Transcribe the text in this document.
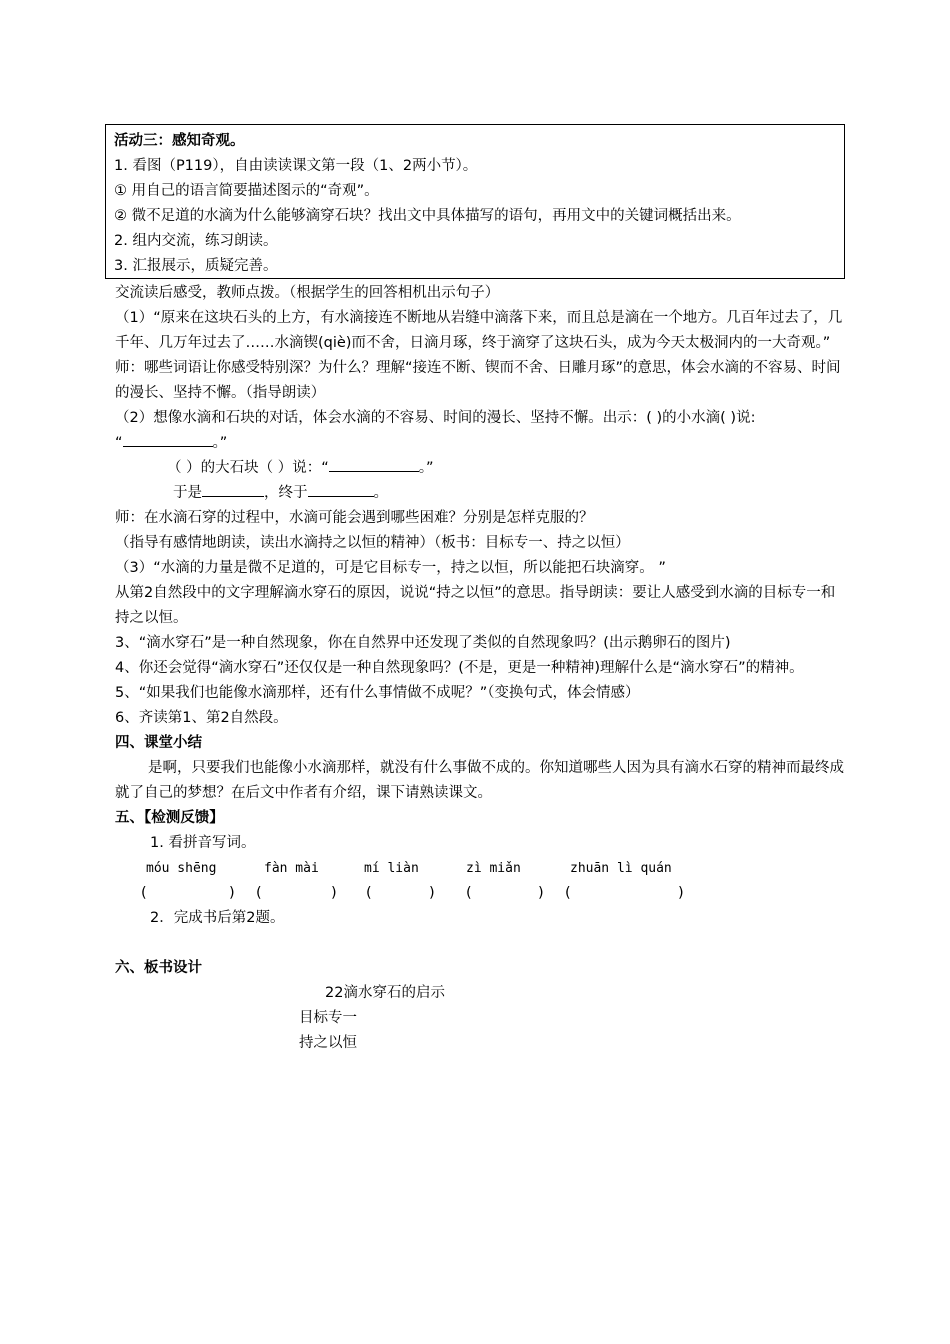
活动三：感知奇观。
1. 看图（P119），自由读读课文第一段（1、2两小节）。
① 用自己的语言简要描述图示的“奇观”。
② 微不足道的水滴为什么能够滴穿石块？找出文中具体描写的语句，再用文中的关键词概括出来。
2. 组内交流，练习朗读。
3. 汇报展示，质疑完善。
交流读后感受，教师点拨。（根据学生的回答相机出示句子）
（1）“原来在这块石头的上方，有水滴接连不断地从岩缝中滴落下来，而且总是滴在一个地方。几百年过去了，几千年、几万年过去了……水滴锲(qiè)而不舍，日滴月琢，终于滴穿了这块石头，成为今天太极洞内的一大奇观。”
师：哪些词语让你感受特别深？为什么？理解“接连不断、锲而不舍、日雕月琢”的意思，体会水滴的不容易、时间的漫长、坚持不懈。（指导朗读）
（2）想像水滴和石块的对话，体会水滴的不容易、时间的漫长、坚持不懈。出示：( )的小水滴( )说:
“	。”
（ ）的大石块（ ）说：“	。”
于是	，终于	。
师：在水滴石穿的过程中，水滴可能会遇到哪些困难？分别是怎样克服的？
（指导有感情地朗读，读出水滴持之以恒的精神）（板书：目标专一、持之以恒）
（3）“水滴的力量是微不足道的，可是它目标专一，持之以恒，所以能把石块滴穿。 ”
从第2自然段中的文字理解滴水穿石的原因，说说“持之以恒”的意思。指导朗读：要让人感受到水滴的目标专一和持之以恒。
3、“滴水穿石”是一种自然现象，你在自然界中还发现了类似的自然现象吗？(出示鹅卵石的图片)
4、你还会觉得“滴水穿石”还仅仅是一种自然现象吗？(不是，更是一种精神)理解什么是“滴水穿石”的精神。
5、“如果我们也能像水滴那样，还有什么事情做不成呢？”（变换句式，体会情感）
6、齐读第1、第2自然段。
四、课堂小结
是啊，只要我们也能像小水滴那样，就没有什么事做不成的。你知道哪些人因为具有滴水石穿的精神而最终成就了自己的梦想？在后文中作者有介绍，课下请熟读课文。
五、【检测反馈】
1. 看拼音写词。
móu shēng	fàn mài	mí liàn	zì miǎn	zhuān lì quán
(	) (	) (	) (	) (	)
2．完成书后第2题。
六、板书设计
22滴水穿石的启示
目标专一
持之以恒
